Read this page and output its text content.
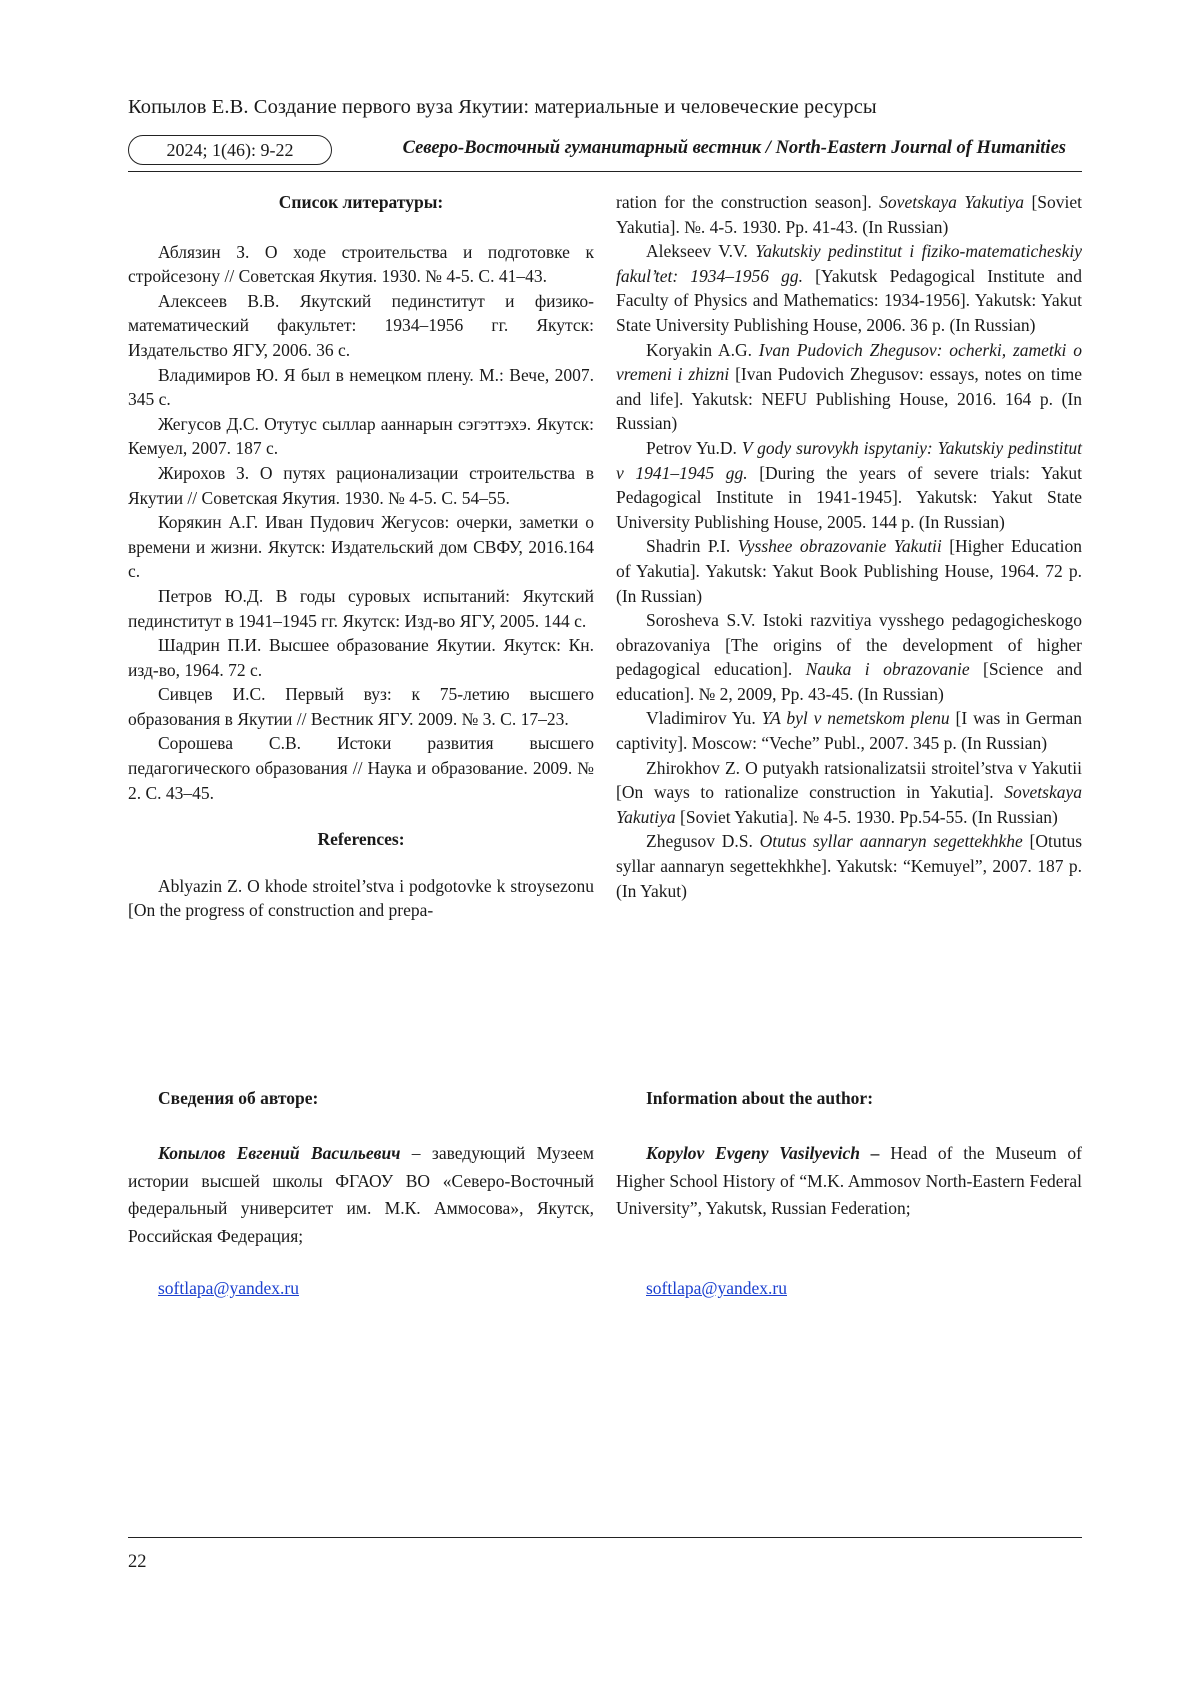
Копылов Е.В. Создание первого вуза Якутии: материальные и человеческие ресурсы
2024; 1(46): 9-22	Северо-Восточный гуманитарный вестник / North-Eastern Journal of Humanities

Список литературы:

Аблязин З. О ходе строительства и подготовке к стройсезону // Советская Якутия. 1930. № 4-5. С. 41–43.

Алексеев В.В. Якутский пединститут и физико-математический факультет: 1934–1956 гг. Якутск: Издательство ЯГУ, 2006. 36 с.

Владимиров Ю. Я был в немецком плену. М.: Вече, 2007. 345 с.

Жегусов Д.С. Отутус сыллар ааннарын сэгэттэхэ. Якутск: Кемуел, 2007. 187 с.

Жирохов З. О путях рационализации строительства в Якутии // Советская Якутия. 1930. № 4-5. С. 54–55.

Корякин А.Г. Иван Пудович Жегусов: очерки, заметки о времени и жизни. Якутск: Издательский дом СВФУ, 2016.164 с.

Петров Ю.Д. В годы суровых испытаний: Якутский пединститут в 1941–1945 гг. Якутск: Изд-во ЯГУ, 2005. 144 с.

Шадрин П.И. Высшее образование Якутии. Якутск: Кн. изд-во, 1964. 72 с.

Сивцев И.С. Первый вуз: к 75-летию высшего образования в Якутии // Вестник ЯГУ. 2009. № 3. С. 17–23.

Сорошева С.В. Истоки развития высшего педагогического образования // Наука и образование. 2009. № 2. С. 43–45.

References:

Ablyazin Z. O khode stroitel’stva i podgotovke k stroysezonu [On the progress of construction and prepa-

ration for the construction season]. Sovetskaya Yakutiya [Soviet Yakutia]. №. 4-5. 1930. Pp. 41-43. (In Russian)

Alekseev V.V. Yakutskiy pedinstitut i fiziko-matematicheskiy fakul’tet: 1934–1956 gg. [Yakutsk Pedagogical Institute and Faculty of Physics and Mathematics: 1934-1956]. Yakutsk: Yakut State University Publishing House, 2006. 36 p. (In Russian)

Koryakin A.G. Ivan Pudovich Zhegusov: ocherki, zametki o vremeni i zhizni [Ivan Pudovich Zhegusov: essays, notes on time and life]. Yakutsk: NEFU Publishing House, 2016. 164 p. (In Russian)

Petrov Yu.D. V gody surovykh ispytaniy: Yakutskiy pedinstitut v 1941–1945 gg. [During the years of severe trials: Yakut Pedagogical Institute in 1941-1945]. Yakutsk: Yakut State University Publishing House, 2005. 144 p. (In Russian)

Shadrin P.I. Vysshee obrazovanie Yakutii [Higher Education of Yakutia]. Yakutsk: Yakut Book Publishing House, 1964. 72 p. (In Russian)

Sorosheva S.V. Istoki razvitiya vysshego pedagogicheskogo obrazovaniya [The origins of the development of higher pedagogical education]. Nauka i obrazovanie [Science and education]. № 2, 2009, Pp. 43-45. (In Russian)

Vladimirov Yu. YA byl v nemetskom plenu [I was in German captivity]. Moscow: “Veche” Publ., 2007. 345 p. (In Russian)

Zhirokhov Z. O putyakh ratsionalizatsii stroitel’stva v Yakutii [On ways to rationalize construction in Yakutia]. Sovetskaya Yakutiya [Soviet Yakutia]. № 4-5. 1930. Pp.54-55. (In Russian)

Zhegusov D.S. Otutus syllar aannaryn segettekhkhe [Otutus syllar aannaryn segettekhkhe]. Yakutsk: “Kemuyel”, 2007. 187 p. (In Yakut)

Сведения об авторе:	Information about the author:

Копылов Евгений Васильевич – заведующий Музеем истории высшей школы ФГАОУ ВО «Северо-Восточный федеральный университет им. М.К. Аммосова», Якутск, Российская Федерация;

Kopylov Evgeny Vasilyevich – Head of the Museum of Higher School History of “M.K. Ammosov North-Eastern Federal University”, Yakutsk, Russian Federation;

softlapa@yandex.ru	softlapa@yandex.ru
22
